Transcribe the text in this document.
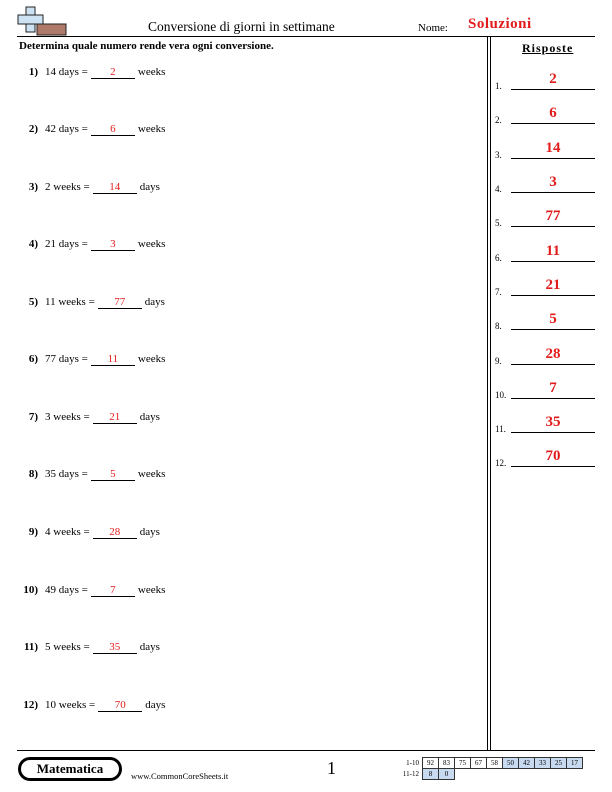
Conversione di giorni in settimane	Nome: Soluzioni
Determina quale numero rende vera ogni conversione.
1) 14 days = 2 weeks
2) 42 days = 6 weeks
3) 2 weeks = 14 days
4) 21 days = 3 weeks
5) 11 weeks = 77 days
6) 77 days = 11 weeks
7) 3 weeks = 21 days
8) 35 days = 5 weeks
9) 4 weeks = 28 days
10) 49 days = 7 weeks
11) 5 weeks = 35 days
12) 10 weeks = 70 days
Risposte
1.	2
2.	6
3.	14
4.	3
5.	77
6.	11
7.	21
8.	5
9.	28
10.	7
11.	35
12.	70
Matematica	www.CommonCoreSheets.it	1	1-10	92	83	75	67	58	50	42	33	25	17
11-12	8	0								
